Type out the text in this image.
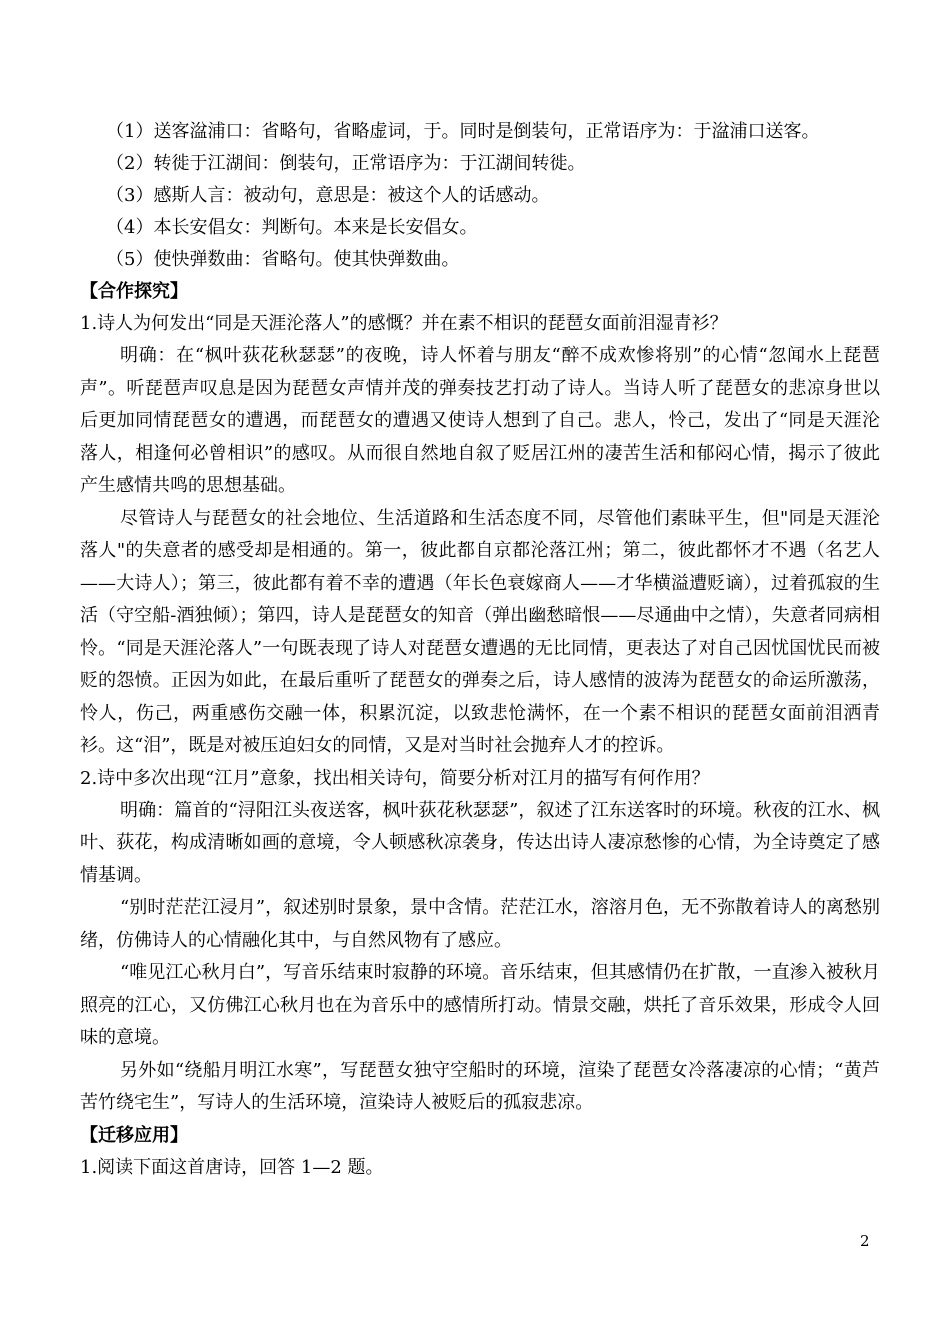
（1）送客湓浦口：省略句，省略虚词，于。同时是倒装句，正常语序为：于湓浦口送客。

（2）转徙于江湖间：倒装句，正常语序为：于江湖间转徙。

（3）感斯人言：被动句，意思是：被这个人的话感动。

（4）本长安倡女：判断句。本来是长安倡女。

（5）使快弹数曲：省略句。使其快弹数曲。

【合作探究】

1.诗人为何发出“同是天涯沦落人”的感慨？并在素不相识的琵琶女面前泪湿青衫？

明确：在“枫叶荻花秋瑟瑟”的夜晚，诗人怀着与朋友“醉不成欢惨将别”的心情“忽闻水上琵琶声”。听琵琶声叹息是因为琵琶女声情并茂的弹奏技艺打动了诗人。当诗人听了琵琶女的悲凉身世以后更加同情琵琶女的遭遇，而琵琶女的遭遇又使诗人想到了自己。悲人，怜己，发出了“同是天涯沦落人，相逢何必曾相识”的感叹。从而很自然地自叙了贬居江州的凄苦生活和郁闷心情，揭示了彼此产生感情共鸣的思想基础。

尽管诗人与琵琶女的社会地位、生活道路和生活态度不同，尽管他们素昧平生，但"同是天涯沦落人"的失意者的感受却是相通的。第一，彼此都自京都沦落江州；第二，彼此都怀才不遇（名艺人——大诗人）；第三，彼此都有着不幸的遭遇（年长色衰嫁商人——才华横溢遭贬谪），过着孤寂的生活（守空船-酒独倾）；第四，诗人是琵琶女的知音（弹出幽愁暗恨——尽通曲中之情），失意者同病相怜。“同是天涯沦落人”一句既表现了诗人对琵琶女遭遇的无比同情，更表达了对自己因忧国忧民而被贬的怨愤。正因为如此，在最后重听了琵琶女的弹奏之后，诗人感情的波涛为琵琶女的命运所激荡，怜人，伤己，两重感伤交融一体，积累沉淀，以致悲怆满怀，在一个素不相识的琵琶女面前泪洒青衫。这“泪”，既是对被压迫妇女的同情，又是对当时社会抛弃人才的控诉。

2.诗中多次出现“江月”意象，找出相关诗句，简要分析对江月的描写有何作用？

明确：篇首的“浔阳江头夜送客，枫叶荻花秋瑟瑟”，叙述了江东送客时的环境。秋夜的江水、枫叶、荻花，构成清晰如画的意境，令人顿感秋凉袭身，传达出诗人凄凉愁惨的心情，为全诗奠定了感情基调。

“别时茫茫江浸月”，叙述别时景象，景中含情。茫茫江水，溶溶月色，无不弥散着诗人的离愁别绪，仿佛诗人的心情融化其中，与自然风物有了感应。

“唯见江心秋月白”，写音乐结束时寂静的环境。音乐结束，但其感情仍在扩散，一直渗入被秋月照亮的江心，又仿佛江心秋月也在为音乐中的感情所打动。情景交融，烘托了音乐效果，形成令人回味的意境。

另外如“绕船月明江水寒”，写琵琶女独守空船时的环境，渲染了琵琶女冷落凄凉的心情；“黄芦苦竹绕宅生”，写诗人的生活环境，渲染诗人被贬后的孤寂悲凉。

【迁移应用】

1.阅读下面这首唐诗，回答 1—2 题。

2
